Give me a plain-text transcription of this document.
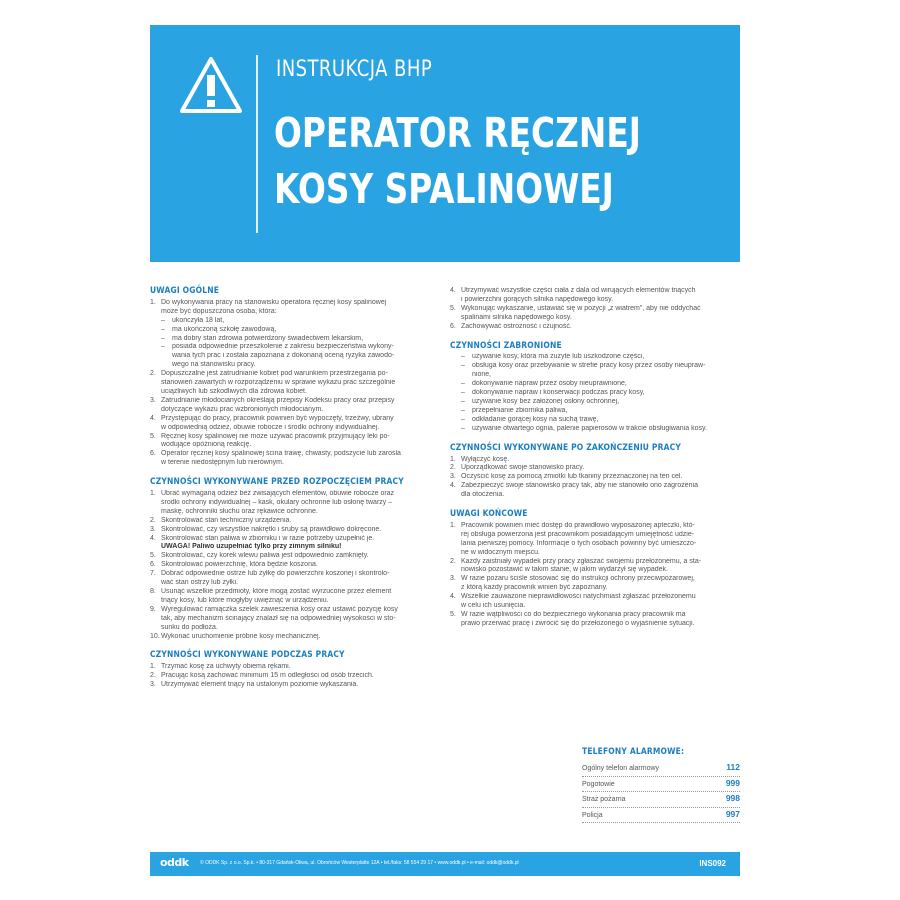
INSTRUKCJA BHP
OPERATOR RĘCZNEJ
KOSY SPALINOWEJ
UWAGI OGÓLNE
1. Do wykonywania pracy na stanowisku operatora ręcznej kosy spalinowej
może być dopuszczona osoba, która:
– ukończyła 18 lat,
– ma ukończoną szkołę zawodową,
– ma dobry stan zdrowia potwierdzony świadectwem lekarskim,
– posiada odpowiednie przeszkolenie z zakresu bezpieczeństwa wykony-
wania tych prac i została zapoznana z dokonaną oceną ryzyka zawodo-
wego na stanowisku pracy.
2. Dopuszczalne jest zatrudnianie kobiet pod warunkiem przestrzegania po-
stanowień zawartych w rozporządzeniu w sprawie wykazu prac szczególnie
uciążliwych lub szkodliwych dla zdrowia kobiet.
3. Zatrudnianie młodocianych określają przepisy Kodeksu pracy oraz przepisy
dotyczące wykazu prac wzbronionych młodocianym.
4. Przystępując do pracy, pracownik powinien być wypoczęty, trzeźwy, ubrany
w odpowiednią odzież, obuwie robocze i środki ochrony indywidualnej.
5. Ręcznej kosy spalinowej nie może używać pracownik przyjmujący leki po-
wodujące opóźnioną reakcję.
6. Operator ręcznej kosy spalinowej ścina trawę, chwasty, podszycie lub zarośla
w terenie niedostępnym lub nierównym.
CZYNNOŚCI WYKONYWANE PRZED ROZPOCZĘCIEM PRACY
1. Ubrać wymaganą odzież bez zwisających elementów, obuwie robocze oraz
środki ochrony indywidualnej – kask, okulary ochronne lub osłonę twarzy –
maskę, ochronniki słuchu oraz rękawice ochronne.
2. Skontrolować stan techniczny urządzenia.
3. Skontrolować, czy wszystkie nakrętki i śruby są prawidłowo dokręcone.
4. Skontrolować stan paliwa w zbiorniku i w razie potrzeby uzupełnić je.
UWAGA! Paliwo uzupełniać tylko przy zimnym silniku!
5. Skontrolować, czy korek wlewu paliwa jest odpowiednio zamknięty.
6. Skontrolować powierzchnię, która będzie koszona.
7. Dobrać odpowiednie ostrze lub żyłkę do powierzchni koszonej i skontrolo-
wać stan ostrzy lub żyłki.
8. Usunąć wszelkie przedmioty, które mogą zostać wyrzucone przez element
tnący kosy, lub które mogłyby uwięznąć w urządzeniu.
9. Wyregulować ramiączka szelek zawieszenia kosy oraz ustawić pozycję kosy
tak, aby mechanizm ścinający znalazł się na odpowiedniej wysokości w sto-
sunku do podłoża.
10. Wykonać uruchomienie próbne kosy mechanicznej.
CZYNNOŚCI WYKONYWANE PODCZAS PRACY
1. Trzymać kosę za uchwyty obiema rękami.
2. Pracując kosą zachować minimum 15 m odległości od osób trzecich.
3. Utrzymywać element tnący na ustalonym poziomie wykaszania.
4. Utrzymywać wszystkie części ciała z dala od wirujących elementów tnących
i powierzchni gorących silnika napędowego kosy.
5. Wykonując wykaszanie, ustawiać się w pozycji „z wiatrem”, aby nie oddychać
spalinami silnika napędowego kosy.
6. Zachowywać ostrożność i czujność.
CZYNNOŚCI ZABRONIONE
– używanie kosy, która ma zużyte lub uszkodzone części,
– obsługa kosy oraz przebywanie w strefie pracy kosy przez osoby nieupraw-
nione,
– dokonywanie napraw przez osoby nieuprawnione,
– dokonywanie napraw i konserwacji podczas pracy kosy,
– używanie kosy bez założonej osłony ochronnej,
– przepełnianie zbiornika paliwa,
– odkładanie gorącej kosy na suchą trawę,
– używanie otwartego ognia, palenie papierosów w trakcie obsługiwania kosy.
CZYNNOŚCI WYKONYWANE PO ZAKOŃCZENIU PRACY
1. Wyłączyć kosę.
2. Uporządkować swoje stanowisko pracy.
3. Oczyścić kosę za pomocą zmiotki lub tkaniny przeznaczonej na ten cel.
4. Zabezpieczyć swoje stanowisko pracy tak, aby nie stanowiło ono zagrożenia
dla otoczenia.
UWAGI KOŃCOWE
1. Pracownik powinien mieć dostęp do prawidłowo wyposażonej apteczki, któ-
rej obsługa powierzona jest pracownikom posiadającym umiejętność udzie-
lania pierwszej pomocy. Informacje o tych osobach powinny być umieszczo-
ne w widocznym miejscu.
2. Każdy zaistniały wypadek przy pracy zgłaszać swojemu przełożonemu, a sta-
nowisko pozostawić w takim stanie, w jakim wydarzył się wypadek.
3. W razie pożaru ściśle stosować się do instrukcji ochrony przeciwpożarowej,
z którą każdy pracownik winien być zapoznany.
4. Wszelkie zauważone nieprawidłowości natychmiast zgłaszać przełożonemu
w celu ich usunięcia.
5. W razie wątpliwości co do bezpiecznego wykonania pracy pracownik ma
prawo przerwać pracę i zwrócić się do przełożonego o wyjaśnienie sytuacji.
TELEFONY ALARMOWE:
Ogólny telefon alarmowy	112
Pogotowie	999
Straż pożarna	998
Policja	997
oddk © ODDK Sp. z o.o. Sp.k. • 80-317 Gdańsk-Oliwa, ul. Obrońców Westerplatte 12A • tel./faks: 58 554 29 17 • www.oddk.pl • e-mail: oddk@oddk.pl	INS092
